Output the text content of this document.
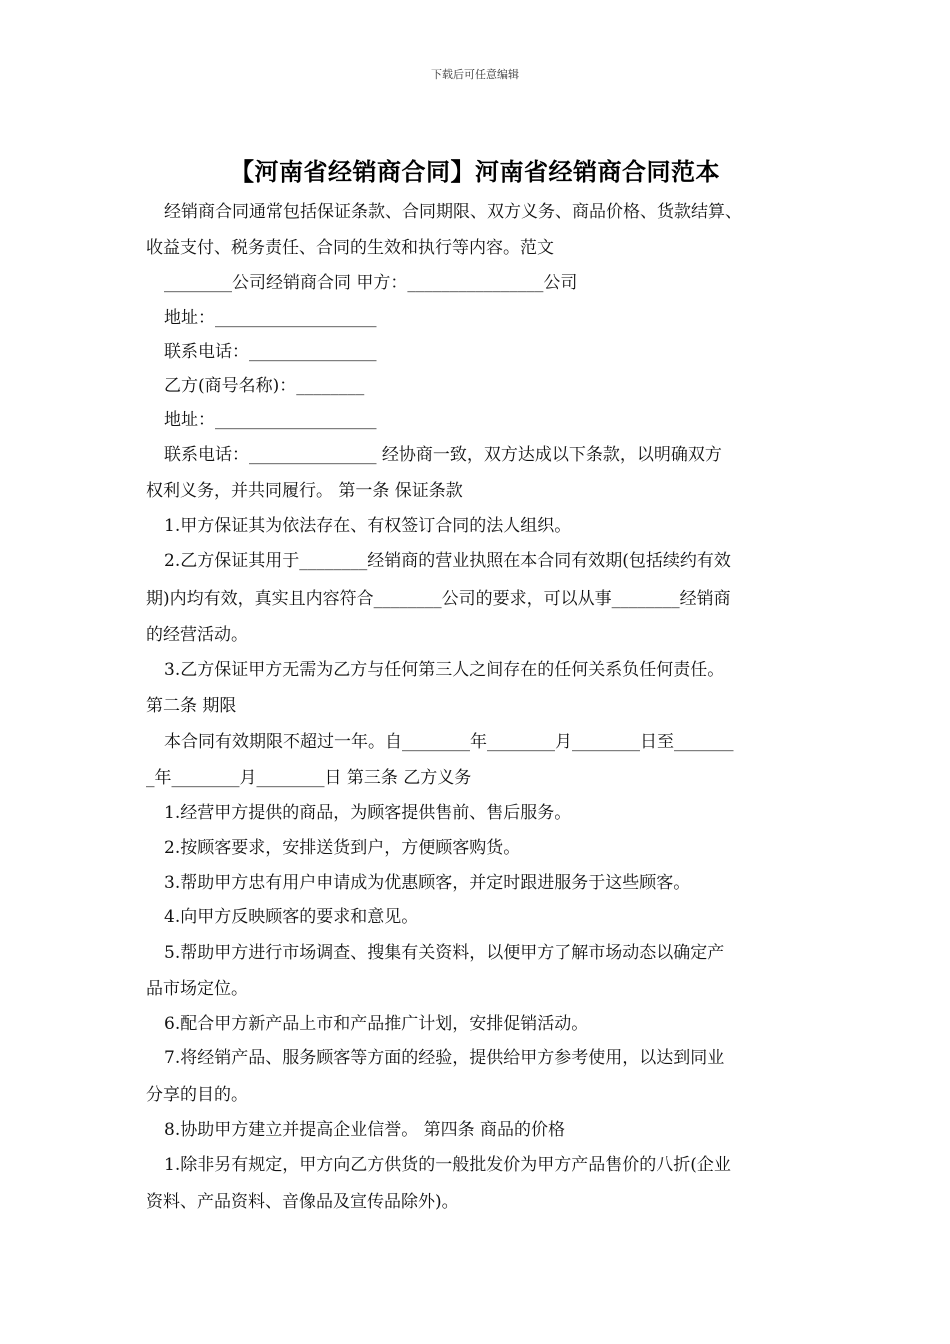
下载后可任意编辑
【河南省经销商合同】河南省经销商合同范本
经销商合同通常包括保证条款、合同期限、双方义务、商品价格、货款结算、
收益支付、税务责任、合同的生效和执行等内容。范文
________公司经销商合同 甲方：________________公司
地址：___________________
联系电话：_______________
乙方(商号名称)：________
地址：___________________
联系电话：_______________ 经协商一致，双方达成以下条款，以明确双方
权利义务，并共同履行。 第一条 保证条款
1.甲方保证其为依法存在、有权签订合同的法人组织。
2.乙方保证其用于________经销商的营业执照在本合同有效期(包括续约有效
期)内均有效，真实且内容符合________公司的要求，可以从事________经销商
的经营活动。
3.乙方保证甲方无需为乙方与任何第三人之间存在的任何关系负任何责任。
第二条 期限
本合同有效期限不超过一年。自________年________月________日至_______
_年________月________日 第三条 乙方义务
1.经营甲方提供的商品，为顾客提供售前、售后服务。
2.按顾客要求，安排送货到户，方便顾客购货。
3.帮助甲方忠有用户申请成为优惠顾客，并定时跟进服务于这些顾客。
4.向甲方反映顾客的要求和意见。
5.帮助甲方进行市场调查、搜集有关资料，以便甲方了解市场动态以确定产
品市场定位。
6.配合甲方新产品上市和产品推广计划，安排促销活动。
7.将经销产品、服务顾客等方面的经验，提供给甲方参考使用，以达到同业
分享的目的。
8.协助甲方建立并提高企业信誉。 第四条 商品的价格
1.除非另有规定，甲方向乙方供货的一般批发价为甲方产品售价的八折(企业
资料、产品资料、音像品及宣传品除外)。
